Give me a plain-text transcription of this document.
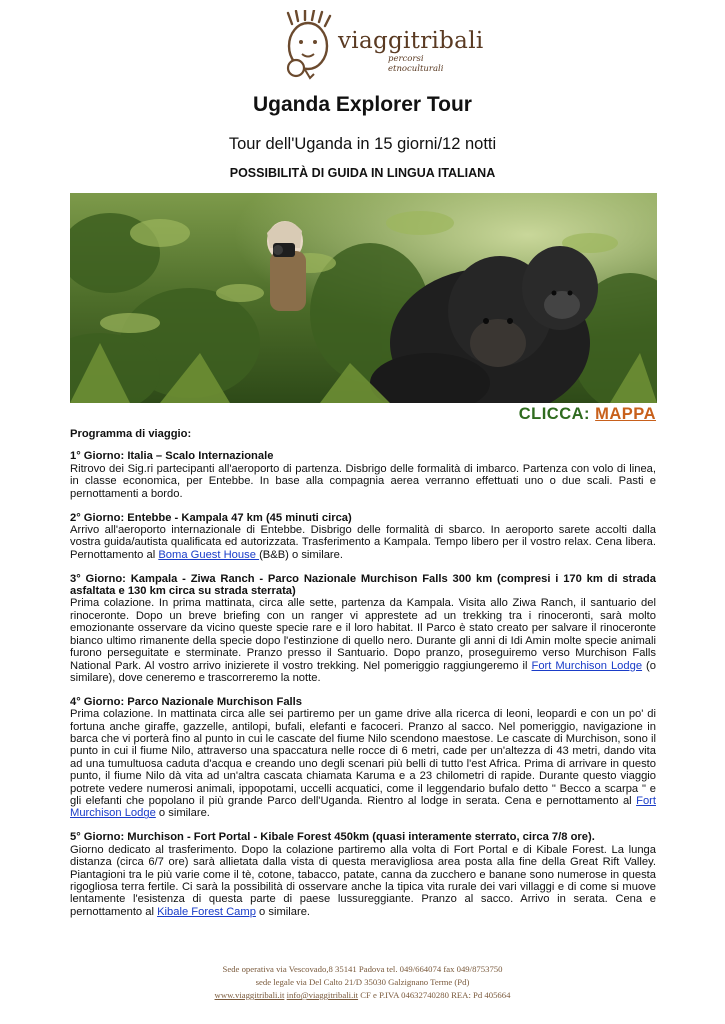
viaggitribali
percorsi etnoculturali
Uganda Explorer Tour
Tour dell'Uganda in 15 giorni/12 notti
POSSIBILITÀ DI GUIDA IN LINGUA ITALIANA
CLICCA: MAPPA
Programma di viaggio:
1° Giorno: Italia – Scalo Internazionale
Ritrovo dei Sig.ri partecipanti all'aeroporto di partenza. Disbrigo delle formalità di imbarco. Partenza con volo di linea, in classe economica, per Entebbe. In base alla compagnia aerea verranno effettuati uno o due scali. Pasti e pernottamenti a bordo.
2° Giorno: Entebbe - Kampala 47 km (45 minuti circa)
Arrivo all'aeroporto internazionale di Entebbe. Disbrigo delle formalità di sbarco. In aeroporto sarete accolti dalla vostra guida/autista qualificata ed autorizzata. Trasferimento a Kampala. Tempo libero per il vostro relax. Cena libera. Pernottamento al Boma Guest House (B&B) o similare.
3° Giorno: Kampala - Ziwa Ranch - Parco Nazionale Murchison Falls 300 km (compresi i 170 km di strada asfaltata e 130 km circa su strada sterrata)
Prima colazione. In prima mattinata, circa alle sette, partenza da Kampala. Visita allo Ziwa Ranch, il santuario del rinoceronte. Dopo un breve briefing con un ranger vi apprestete ad un trekking tra i rinoceronti, sarà molto emozionante osservare da vicino queste specie rare e il loro habitat. Il Parco è stato creato per salvare il rinoceronte bianco ultimo rimanente della specie dopo l'estinzione di quello nero. Durante gli anni di Idi Amin molte specie animali furono perseguitate e sterminate. Pranzo presso il Santuario. Dopo pranzo, proseguiremo verso Murchison Falls National Park. Al vostro arrivo inizierete il vostro trekking. Nel pomeriggio raggiungeremo il Fort Murchison Lodge (o similare), dove ceneremo e trascorreremo la notte.
4° Giorno: Parco Nazionale Murchison Falls
Prima colazione. In mattinata circa alle sei partiremo per un game drive alla ricerca di leoni, leopardi e con un po' di fortuna anche giraffe, gazzelle, antilopi, bufali, elefanti e facoceri. Pranzo al sacco. Nel pomeriggio, navigazione in barca che vi porterà fino al punto in cui le cascate del fiume Nilo scendono maestose. Le cascate di Murchison, sono il punto in cui il fiume Nilo, attraverso una spaccatura nelle rocce di 6 metri, cade per un'altezza di 43 metri, dando vita ad una tumultuosa caduta d'acqua e creando uno degli scenari più belli di tutto l'est Africa. Prima di arrivare in questo punto, il fiume Nilo dà vita ad un'altra cascata chiamata Karuma e a 23 chilometri di rapide. Durante questo viaggio potrete vedere numerosi animali, ippopotami, uccelli acquatici, come il leggendario bufalo detto " Becco a scarpa " e gli elefanti che popolano il più grande Parco dell'Uganda. Rientro al lodge in serata. Cena e pernottamento al Fort Murchison Lodge o similare.
5° Giorno: Murchison - Fort Portal - Kibale Forest 450km (quasi interamente sterrato, circa 7/8 ore).
Giorno dedicato al trasferimento. Dopo la colazione partiremo alla volta di Fort Portal e di Kibale Forest. La lunga distanza (circa 6/7 ore) sarà allietata dalla vista di questa meravigliosa area posta alla fine della Great Rift Valley. Piantagioni tra le più varie come il tè, cotone, tabacco, patate, canna da zucchero e banane sono numerose in questa rigogliosa terra fertile. Ci sarà la possibilità di osservare anche la tipica vita rurale dei vari villaggi e di come si muove lentamente l'esistenza di questa parte di paese lussureggiante. Pranzo al sacco. Arrivo in serata. Cena e pernottamento al Kibale Forest Camp o similare.
Sede operativa via Vescovado,8 35141 Padova tel. 049/664074 fax 049/8753750
sede legale via Del Calto 21/D 35030 Galzignano Terme (Pd)
www.viaggitribali.it info@viaggitribali.it CF e P.IVA 04632740280 REA: Pd 405664
